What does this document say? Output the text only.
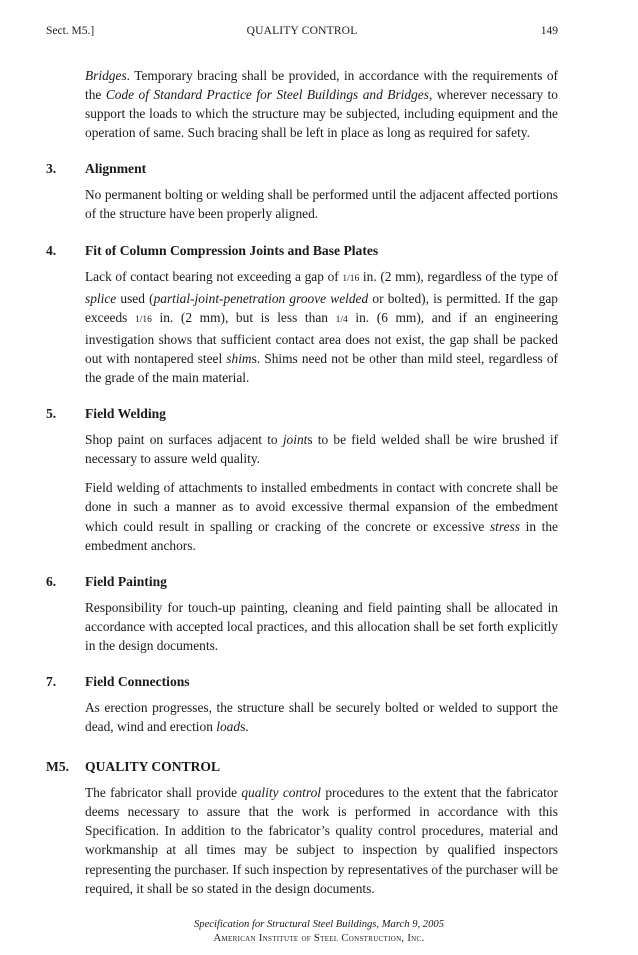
Sect. M5.]	QUALITY CONTROL	149

Bridges. Temporary bracing shall be provided, in accordance with the requirements of the Code of Standard Practice for Steel Buildings and Bridges, wherever necessary to support the loads to which the structure may be subjected, including equipment and the operation of same. Such bracing shall be left in place as long as required for safety.

3.	Alignment

No permanent bolting or welding shall be performed until the adjacent affected portions of the structure have been properly aligned.

4.	Fit of Column Compression Joints and Base Plates

Lack of contact bearing not exceeding a gap of 1/16 in. (2 mm), regardless of the type of splice used (partial-joint-penetration groove welded or bolted), is permitted. If the gap exceeds 1/16 in. (2 mm), but is less than 1/4 in. (6 mm), and if an engineering investigation shows that sufficient contact area does not exist, the gap shall be packed out with nontapered steel shims. Shims need not be other than mild steel, regardless of the grade of the main material.

5.	Field Welding

Shop paint on surfaces adjacent to joints to be field welded shall be wire brushed if necessary to assure weld quality.

Field welding of attachments to installed embedments in contact with concrete shall be done in such a manner as to avoid excessive thermal expansion of the embedment which could result in spalling or cracking of the concrete or excessive stress in the embedment anchors.

6.	Field Painting

Responsibility for touch-up painting, cleaning and field painting shall be allocated in accordance with accepted local practices, and this allocation shall be set forth explicitly in the design documents.

7.	Field Connections

As erection progresses, the structure shall be securely bolted or welded to support the dead, wind and erection loads.

M5.	QUALITY CONTROL

The fabricator shall provide quality control procedures to the extent that the fabricator deems necessary to assure that the work is performed in accordance with this Specification. In addition to the fabricator’s quality control procedures, material and workmanship at all times may be subject to inspection by qualified inspectors representing the purchaser. If such inspection by representatives of the purchaser will be required, it shall be so stated in the design documents.

Specification for Structural Steel Buildings, March 9, 2005
American Institute of Steel Construction, Inc.
